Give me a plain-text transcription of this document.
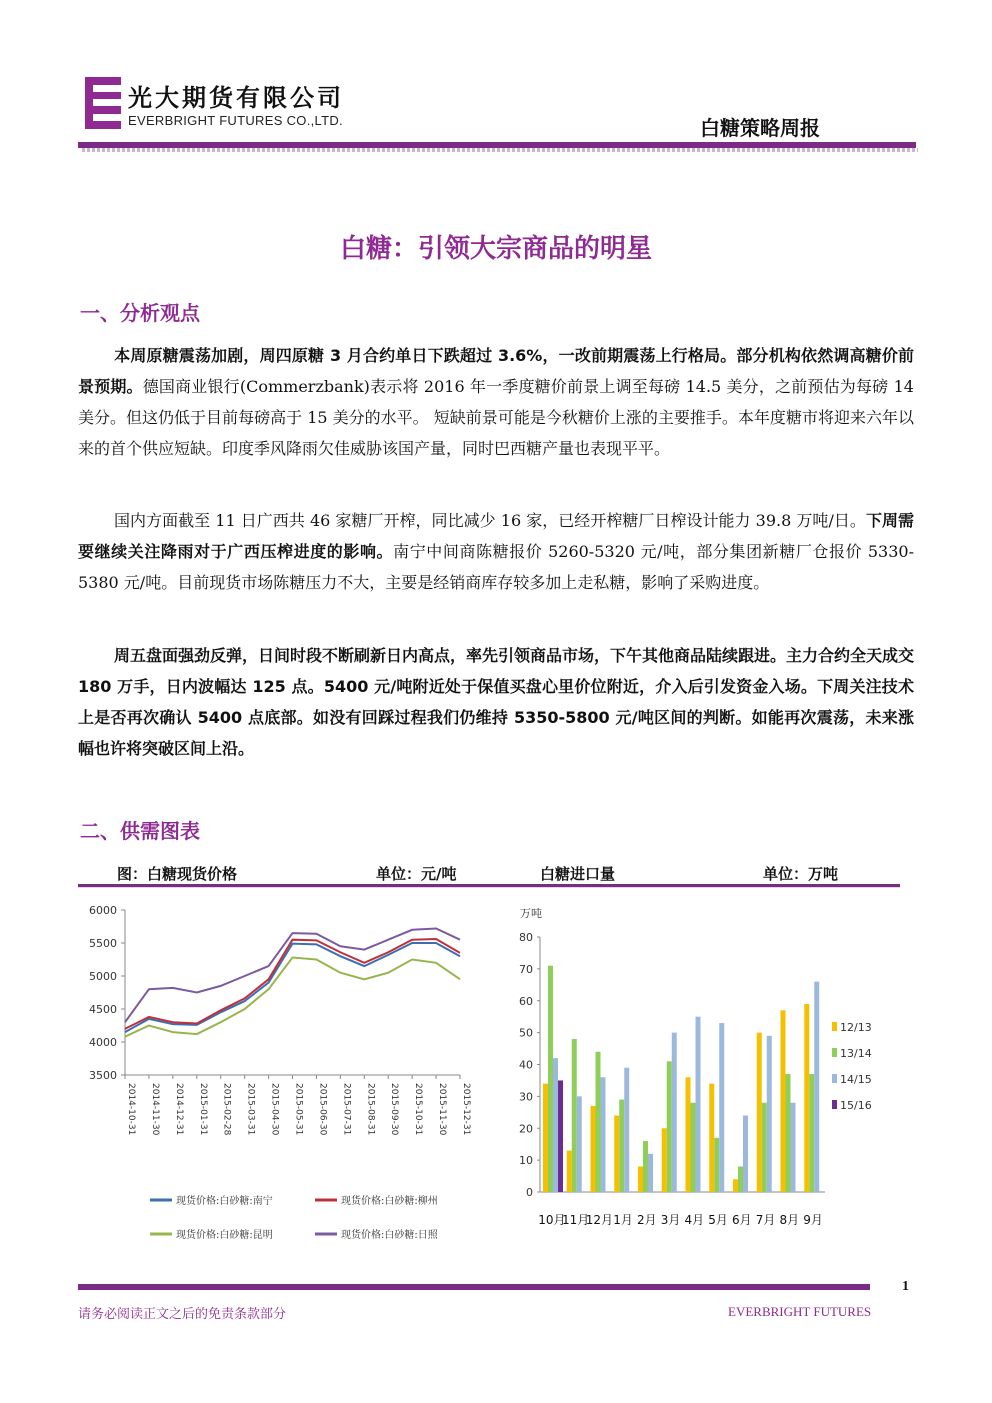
光大期货有限公司
EVERBRIGHT FUTURES CO.,LTD.	白糖策略周报
白糖：引领大宗商品的明星
一、分析观点
本周原糖震荡加剧，周四原糖 3 月合约单日下跌超过 3.6%，一改前期震荡上行格局。部分机构依然调高糖价前景预期。德国商业银行(Commerzbank)表示将 2016 年一季度糖价前景上调至每磅 14.5 美分，之前预估为每磅 14 美分。但这仍低于目前每磅高于 15 美分的水平。 短缺前景可能是今秋糖价上涨的主要推手。本年度糖市将迎来六年以来的首个供应短缺。印度季风降雨欠佳威胁该国产量，同时巴西糖产量也表现平平。
国内方面截至 11 日广西共 46 家糖厂开榨，同比减少 16 家，已经开榨糖厂日榨设计能力 39.8 万吨/日。下周需要继续关注降雨对于广西压榨进度的影响。南宁中间商陈糖报价 5260-5320 元/吨，部分集团新糖厂仓报价 5330-5380 元/吨。目前现货市场陈糖压力不大，主要是经销商库存较多加上走私糖，影响了采购进度。
周五盘面强劲反弹，日间时段不断刷新日内高点，率先引领商品市场，下午其他商品陆续跟进。主力合约全天成交 180 万手，日内波幅达 125 点。5400 元/吨附近处于保值买盘心里价位附近，介入后引发资金入场。下周关注技术上是否再次确认 5400 点底部。如没有回踩过程我们仍维持 5350-5800 元/吨区间的判断。如能再次震荡，未来涨幅也许将突破区间上沿。
二、供需图表
图：白糖现货价格	单位：元/吨	白糖进口量	单位：万吨
6000
5500
5000
4500
4000
3500
2014-10-31 2014-11-30 2014-12-31 2015-01-31 2015-02-28 2015-03-31 2015-04-30 2015-05-31 2015-06-30 2015-07-31 2015-08-31 2015-09-30 2015-10-31 2015-11-30 2015-12-31
现货价格:白砂糖:南宁	现货价格:白砂糖:柳州
现货价格:白砂糖:昆明	现货价格:白砂糖:日照
万吨
0
10
20
30
40
50
60
70
80
10月
11月
12月 1月 2月 3月 4月 5月 6月 7月 8月 9月
12/13
13/14
14/15
15/16
1
请务必阅读正文之后的免责条款部分	EVERBRIGHT FUTURES
